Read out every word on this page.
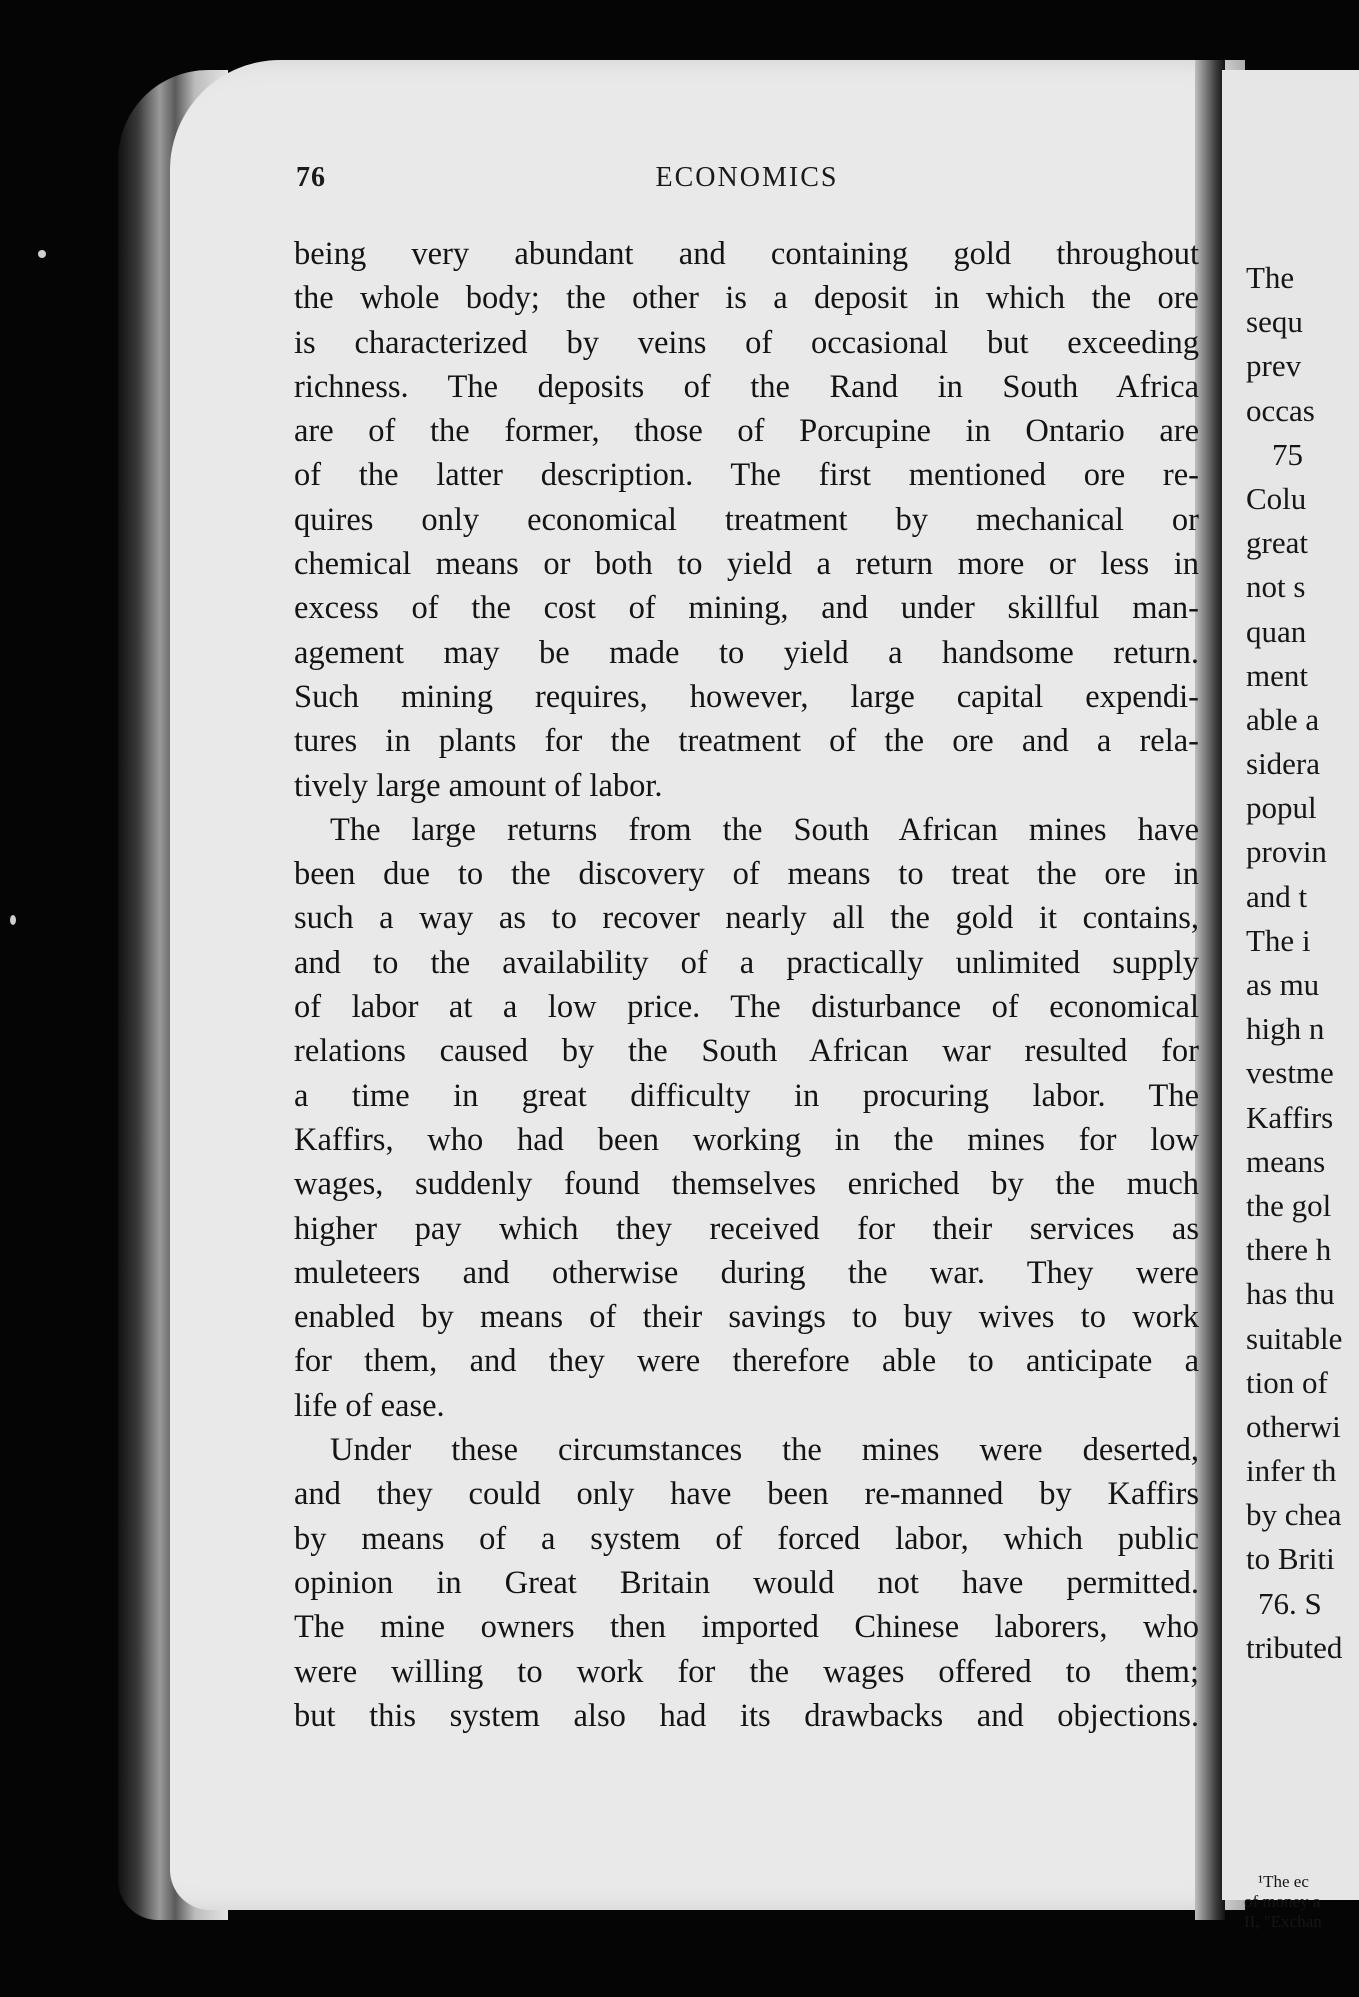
76	ECONOMICS
being very abundant and containing gold throughout
the whole body; the other is a deposit in which the ore
is characterized by veins of occasional but exceeding
richness. The deposits of the Rand in South Africa
are of the former, those of Porcupine in Ontario are
of the latter description. The first mentioned ore re-
quires only economical treatment by mechanical or
chemical means or both to yield a return more or less in
excess of the cost of mining, and under skillful man-
agement may be made to yield a handsome return.
Such mining requires, however, large capital expendi-
tures in plants for the treatment of the ore and a rela-
tively large amount of labor.
The large returns from the South African mines have
been due to the discovery of means to treat the ore in
such a way as to recover nearly all the gold it contains,
and to the availability of a practically unlimited supply
of labor at a low price. The disturbance of economical
relations caused by the South African war resulted for
a time in great difficulty in procuring labor. The
Kaffirs, who had been working in the mines for low
wages, suddenly found themselves enriched by the much
higher pay which they received for their services as
muleteers and otherwise during the war. They were
enabled by means of their savings to buy wives to work
for them, and they were therefore able to anticipate a
life of ease.
Under these circumstances the mines were deserted,
and they could only have been re-manned by Kaffirs
by means of a system of forced labor, which public
opinion in Great Britain would not have permitted.
The mine owners then imported Chinese laborers, who
were willing to work for the wages offered to them;
but this system also had its drawbacks and objections.
The
sequ
prev
occas
75
Colu
great
not s
quan
ment
able a
sidera
popul
provin
and t
The i
as mu
high n
vestme
Kaffirs
means
the gol
there h
has thu
suitable
tion of
otherwi
infer th
by chea
to Briti
76. S
tributed
¹The ec
of money a
II, "Exchan
